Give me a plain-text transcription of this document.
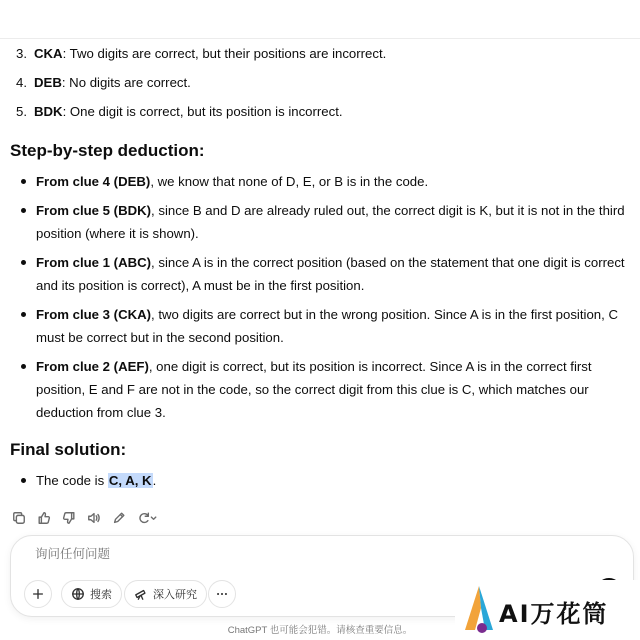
3. CKA: Two digits are correct, but their positions are incorrect.
4. DEB: No digits are correct.
5. BDK: One digit is correct, but its position is incorrect.
Step-by-step deduction:
From clue 4 (DEB), we know that none of D, E, or B is in the code.
From clue 5 (BDK), since B and D are already ruled out, the correct digit is K, but it is not in the third position (where it is shown).
From clue 1 (ABC), since A is in the correct position (based on the statement that one digit is correct and its position is correct), A must be in the first position.
From clue 3 (CKA), two digits are correct but in the wrong position. Since A is in the first position, C must be correct but in the second position.
From clue 2 (AEF), one digit is correct, but its position is incorrect. Since A is in the correct first position, E and F are not in the code, so the correct digit from this clue is C, which matches our deduction from clue 3.
Final solution:
The code is C, A, K.
询问任何问题
搜索	深入研究
ChatGPT 也可能会犯错。请核查重要信息。
AI万花筒
